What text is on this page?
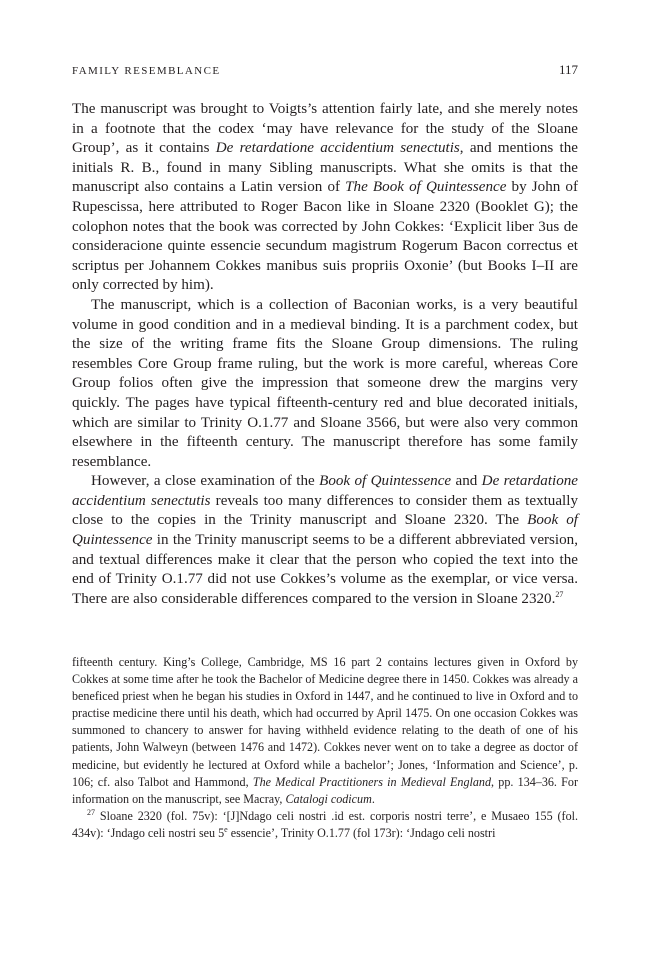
FAMILY RESEMBLANCE	117

The manuscript was brought to Voigts’s attention fairly late, and she merely notes in a footnote that the codex ‘may have relevance for the study of the Sloane Group’, as it contains De retardatione accidentium senectutis, and mentions the initials R. B., found in many Sibling manuscripts. What she omits is that the manuscript also contains a Latin version of The Book of Quintessence by John of Rupescissa, here attributed to Roger Bacon like in Sloane 2320 (Booklet G); the colophon notes that the book was corrected by John Cokkes: ‘Explicit liber 3us de consideracione quinte essencie secundum magistrum Rogerum Bacon correctus et scriptus per Johannem Cokkes manibus suis propriis Oxonie’ (but Books I–II are only corrected by him).

The manuscript, which is a collection of Baconian works, is a very beautiful volume in good condition and in a medieval binding. It is a parchment codex, but the size of the writing frame fits the Sloane Group dimensions. The ruling resembles Core Group frame ruling, but the work is more careful, whereas Core Group folios often give the impression that someone drew the margins very quickly. The pages have typical fifteenth-century red and blue decorated initials, which are similar to Trinity O.1.77 and Sloane 3566, but were also very common elsewhere in the fifteenth century. The manuscript therefore has some family resemblance.

However, a close examination of the Book of Quintessence and De retardatione accidentium senectutis reveals too many differences to consider them as textually close to the copies in the Trinity manuscript and Sloane 2320. The Book of Quintessence in the Trinity manuscript seems to be a different abbreviated version, and textual differences make it clear that the person who copied the text into the end of Trinity O.1.77 did not use Cokkes’s volume as the exemplar, or vice versa. There are also considerable differences compared to the version in Sloane 2320.27

fifteenth century. King’s College, Cambridge, MS 16 part 2 contains lectures given in Oxford by Cokkes at some time after he took the Bachelor of Medicine degree there in 1450. Cokkes was already a beneficed priest when he began his studies in Oxford in 1447, and he continued to live in Oxford and to practise medicine there until his death, which had occurred by April 1475. On one occasion Cokkes was summoned to chancery to answer for having withheld evidence relating to the death of one of his patients, John Walweyn (between 1476 and 1472). Cokkes never went on to take a degree as doctor of medicine, but evidently he lectured at Oxford while a bachelor’; Jones, ‘Information and Science’, p. 106; cf. also Talbot and Hammond, The Medical Practitioners in Medieval England, pp. 134–36. For information on the manuscript, see Macray, Catalogi codicum.

$^{27}$ Sloane 2320 (fol. 75v): ‘[J]Ndago celi nostri .id est. corporis nostri terre’, e Musaeo 155 (fol. 434v): ‘Jndago celi nostri seu 5e essencie’, Trinity O.1.77 (fol 173r): ‘Jndago celi nostri
